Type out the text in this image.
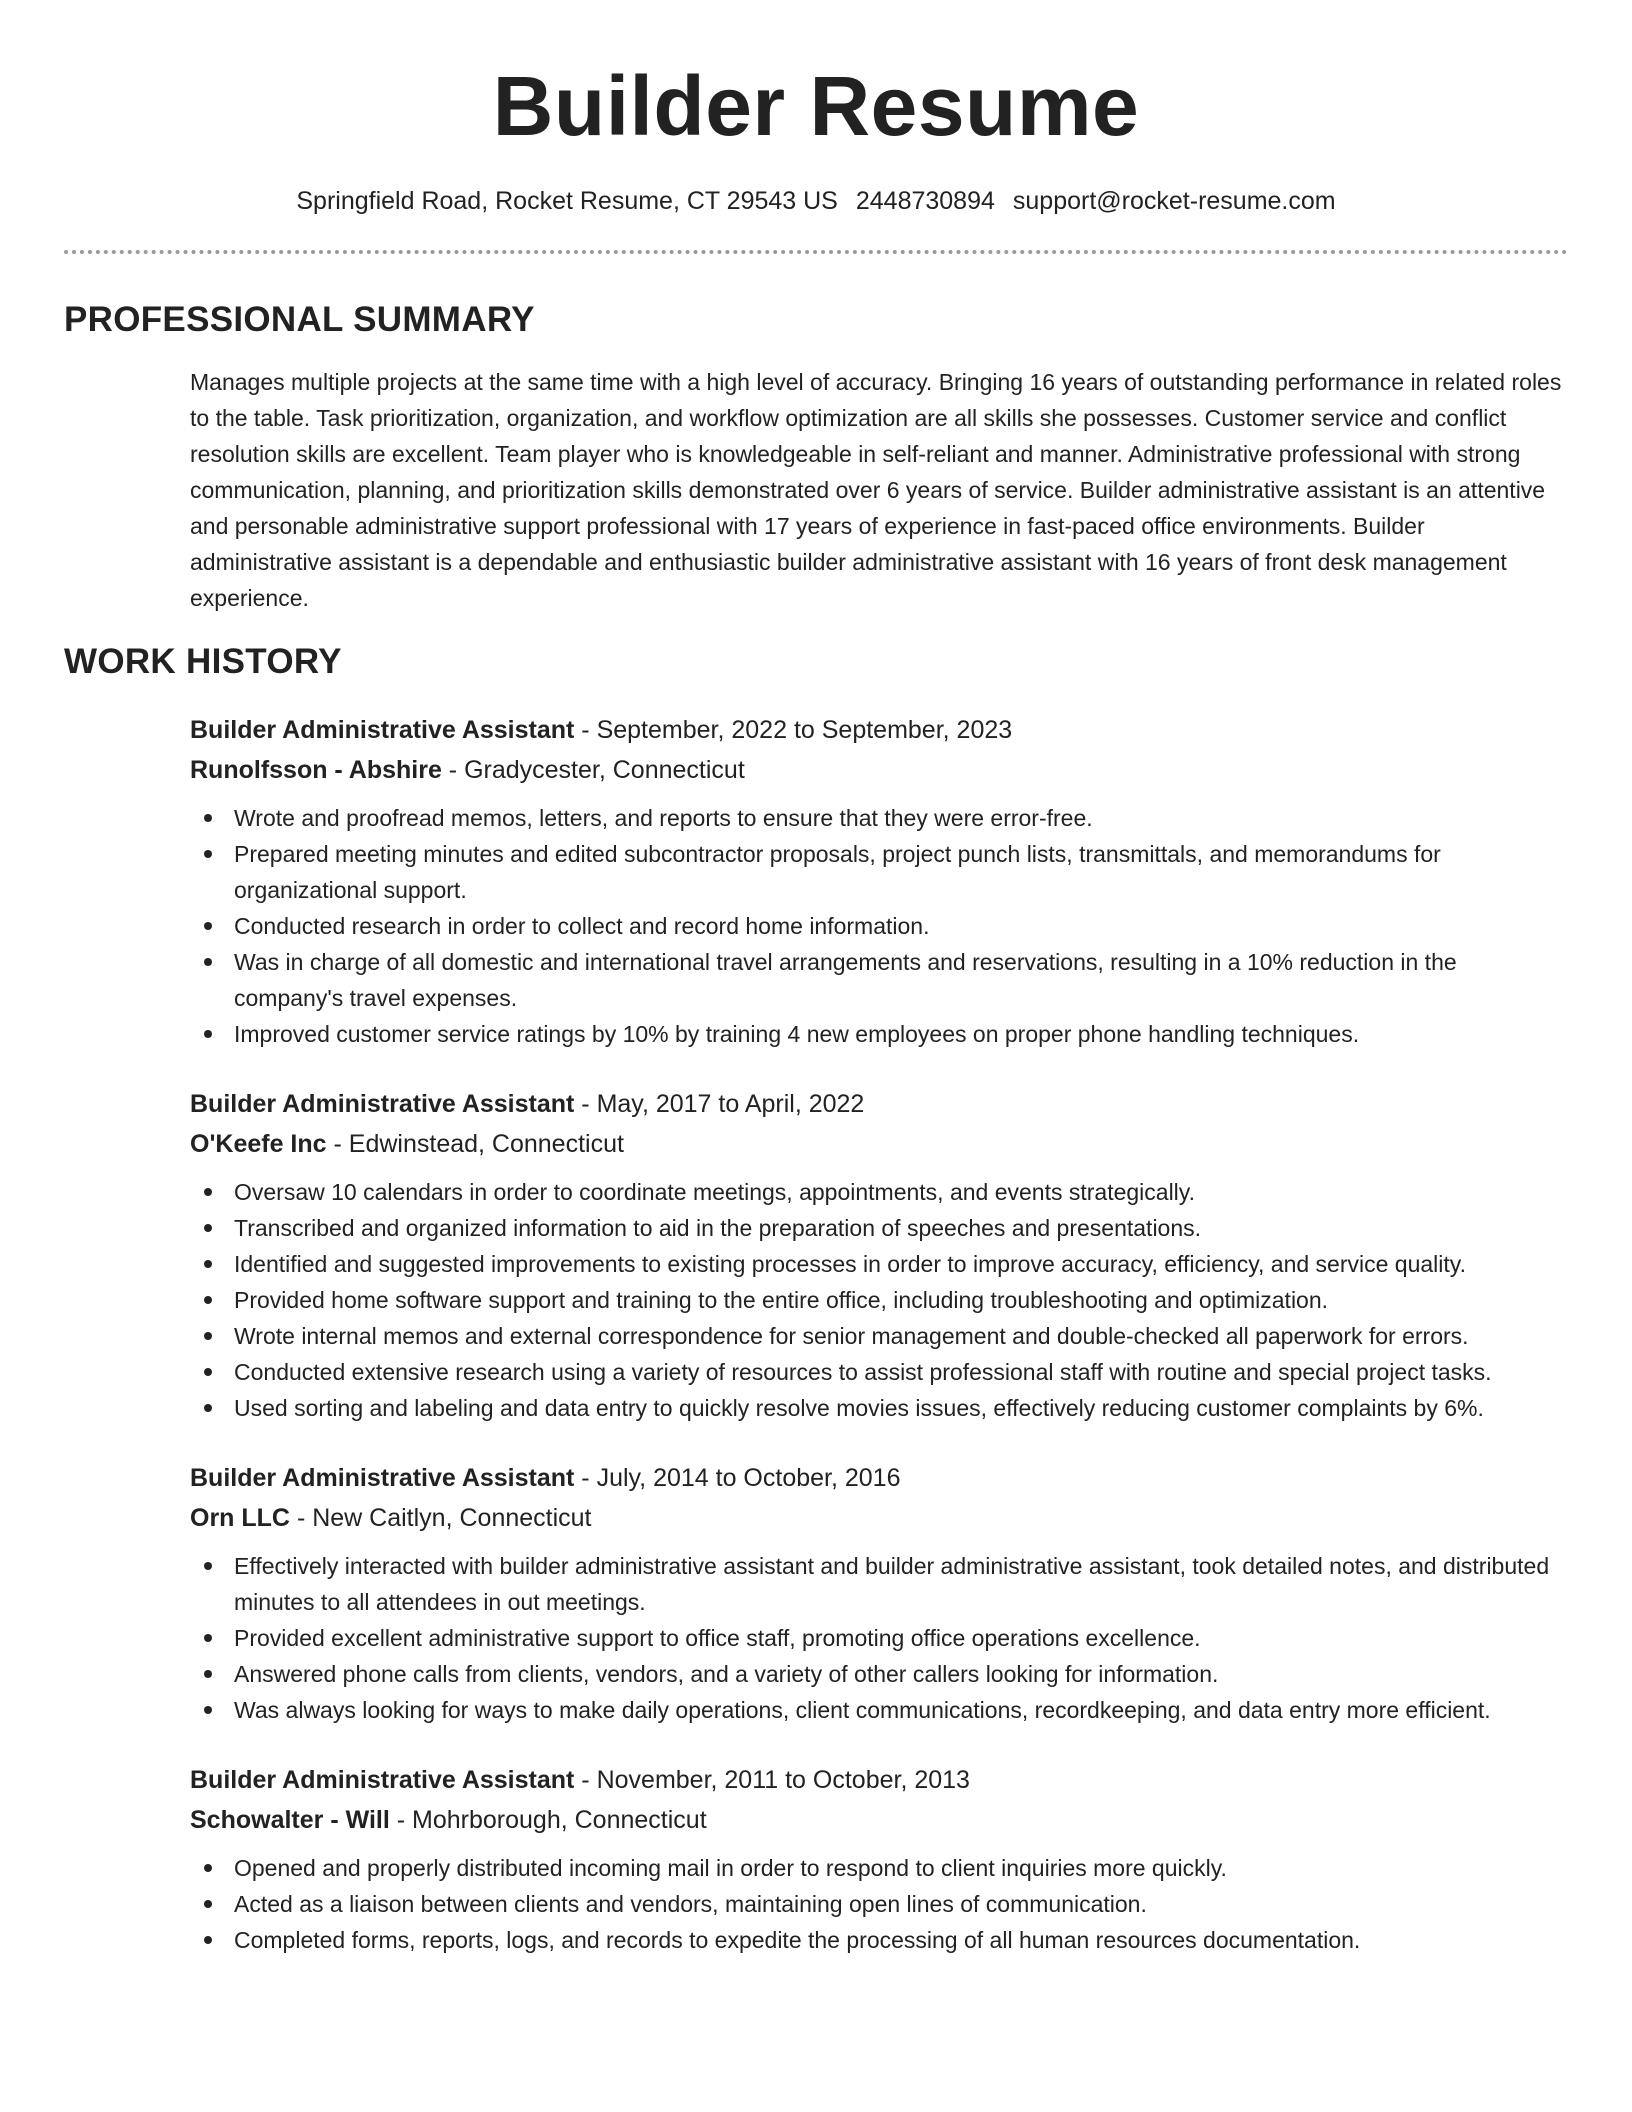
Builder Resume
Springfield Road, Rocket Resume, CT 29543 US 2448730894 support@rocket-resume.com
PROFESSIONAL SUMMARY

Manages multiple projects at the same time with a high level of accuracy. Bringing 16 years of outstanding performance in related roles to the table. Task prioritization, organization, and workflow optimization are all skills she possesses. Customer service and conflict resolution skills are excellent. Team player who is knowledgeable in self-reliant and manner. Administrative professional with strong communication, planning, and prioritization skills demonstrated over 6 years of service. Builder administrative assistant is an attentive and personable administrative support professional with 17 years of experience in fast-paced office environments. Builder administrative assistant is a dependable and enthusiastic builder administrative assistant with 16 years of front desk management experience.

WORK HISTORY
Builder Administrative Assistant - September, 2022 to September, 2023
Runolfsson - Abshire - Gradycester, Connecticut
Wrote and proofread memos, letters, and reports to ensure that they were error-free.
Prepared meeting minutes and edited subcontractor proposals, project punch lists, transmittals, and memorandums for organizational support.
Conducted research in order to collect and record home information.
Was in charge of all domestic and international travel arrangements and reservations, resulting in a 10% reduction in the company's travel expenses.
Improved customer service ratings by 10% by training 4 new employees on proper phone handling techniques.
Builder Administrative Assistant - May, 2017 to April, 2022
O'Keefe Inc - Edwinstead, Connecticut
Oversaw 10 calendars in order to coordinate meetings, appointments, and events strategically.
Transcribed and organized information to aid in the preparation of speeches and presentations.
Identified and suggested improvements to existing processes in order to improve accuracy, efficiency, and service quality.
Provided home software support and training to the entire office, including troubleshooting and optimization.
Wrote internal memos and external correspondence for senior management and double-checked all paperwork for errors.
Conducted extensive research using a variety of resources to assist professional staff with routine and special project tasks.
Used sorting and labeling and data entry to quickly resolve movies issues, effectively reducing customer complaints by 6%.
Builder Administrative Assistant - July, 2014 to October, 2016
Orn LLC - New Caitlyn, Connecticut
Effectively interacted with builder administrative assistant and builder administrative assistant, took detailed notes, and distributed minutes to all attendees in out meetings.
Provided excellent administrative support to office staff, promoting office operations excellence.
Answered phone calls from clients, vendors, and a variety of other callers looking for information.
Was always looking for ways to make daily operations, client communications, recordkeeping, and data entry more efficient.
Builder Administrative Assistant - November, 2011 to October, 2013
Schowalter - Will - Mohrborough, Connecticut
Opened and properly distributed incoming mail in order to respond to client inquiries more quickly.
Acted as a liaison between clients and vendors, maintaining open lines of communication.
Completed forms, reports, logs, and records to expedite the processing of all human resources documentation.
